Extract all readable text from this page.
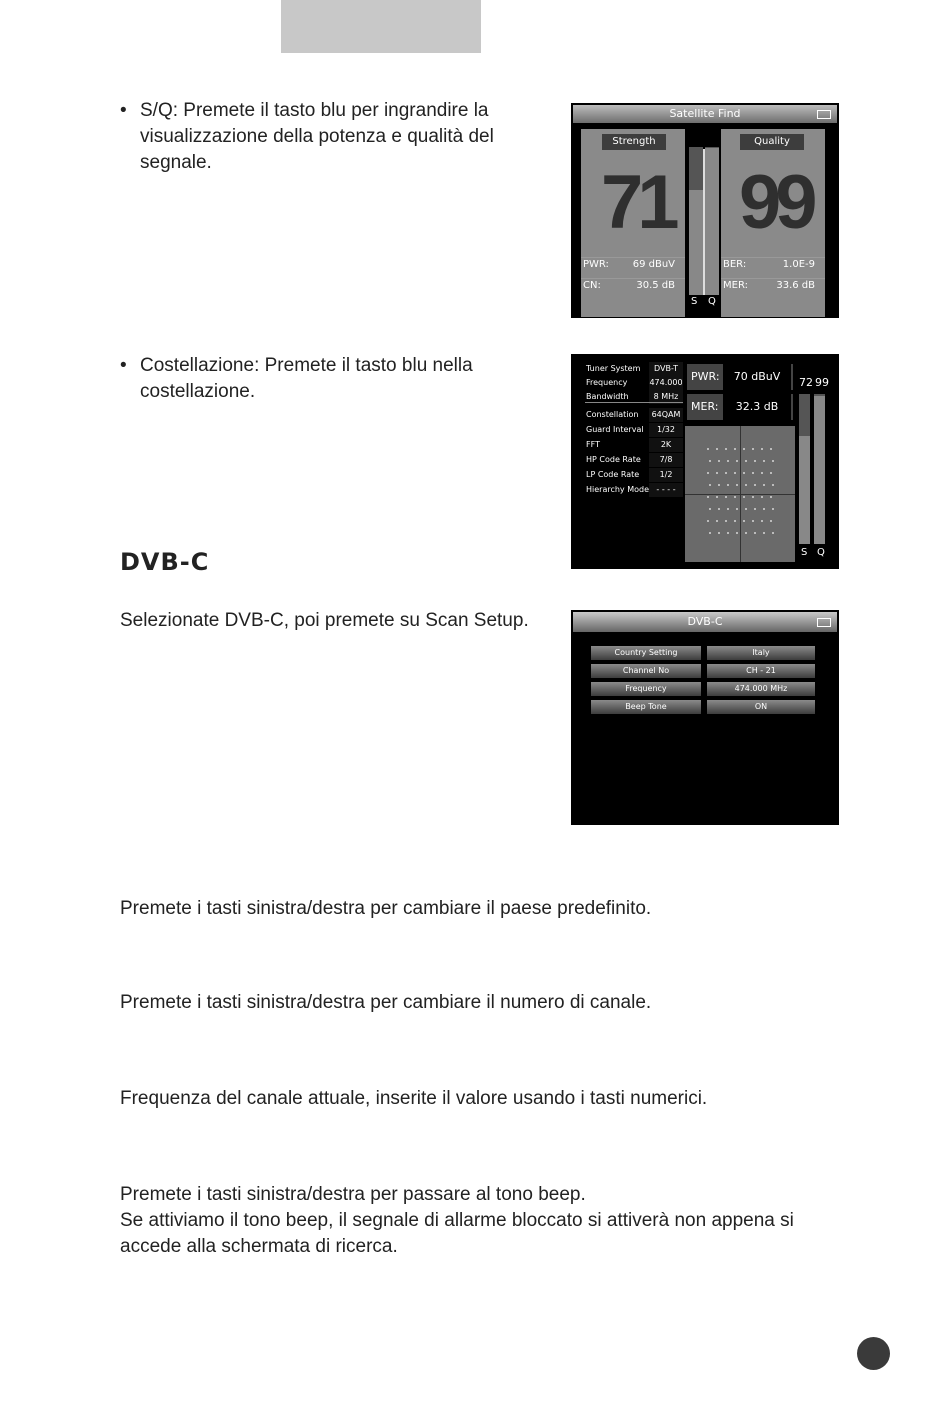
• S/Q: Premete il tasto blu per ingrandire la visualizzazione della potenza e qualità del segnale.
Satellite Find
Strength
71
PWR: 69 dBuV
CN:	30.5 dB
S Q
Quality
99
BER:	1.0E-9
MER:	33.6 dB
• Costellazione: Premete il tasto blu nella costellazione.
Tuner System	DVB-T
Frequency	474.000
Bandwidth	8 MHz
Constellation	64QAM
Guard Interval	1/32
FFT	2K
HP Code Rate	7/8
LP Code Rate	1/2
Hierarchy Mode - - - -
PWR:	70 dBuV
MER:	32.3 dB
72 99
S Q
DVB-C
Selezionate DVB-C, poi premete su Scan Setup.	DVB-C
Country Setting	Italy
Channel No	CH - 21
Frequency	474.000 MHz
Beep Tone	ON
Premete i tasti sinistra/destra per cambiare il paese predefinito.
Premete i tasti sinistra/destra per cambiare il numero di canale.
Frequenza del canale attuale, inserite il valore usando i tasti numerici.
Premete i tasti sinistra/destra per passare al tono beep.
Se attiviamo il tono beep, il segnale di allarme bloccato si attiverà non appena si accede alla schermata di ricerca.
